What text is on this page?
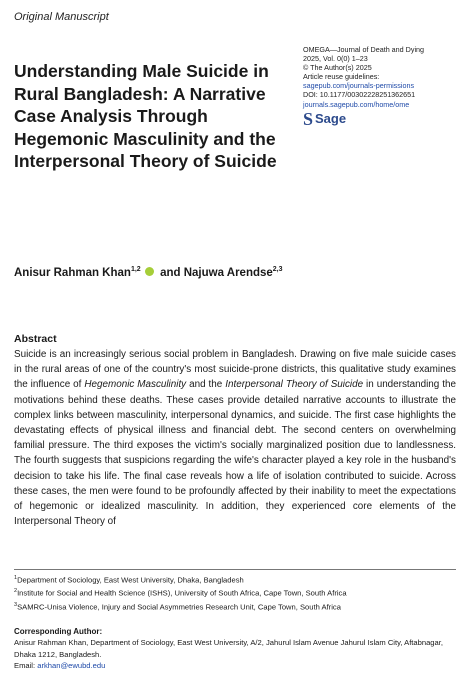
Original Manuscript
Understanding Male Suicide in Rural Bangladesh: A Narrative Case Analysis Through Hegemonic Masculinity and the Interpersonal Theory of Suicide
OMEGA—Journal of Death and Dying
2025, Vol. 0(0) 1–23
© The Author(s) 2025
Article reuse guidelines:
sagepub.com/journals-permissions
DOI: 10.1177/00302228251362651
journals.sagepub.com/home/ome
S Sage
Anisur Rahman Khan$^{1,2}$ and Najuwa Arendse$^{2,3}$
Abstract
Suicide is an increasingly serious social problem in Bangladesh. Drawing on five male suicide cases in the rural areas of one of the country's most suicide-prone districts, this qualitative study examines the influence of Hegemonic Masculinity and the Interpersonal Theory of Suicide in understanding the motivations behind these deaths. These cases provide detailed narrative accounts to illustrate the complex links between masculinity, interpersonal dynamics, and suicide. The first case highlights the devastating effects of physical illness and financial debt. The second centers on overwhelming familial pressure. The third exposes the victim's socially marginalized position due to landlessness. The fourth suggests that suspicions regarding the wife's character played a key role in the husband's decision to take his life. The final case reveals how a life of isolation contributed to suicide. Across these cases, the men were found to be profoundly affected by their inability to meet the expectations of hegemonic or idealized masculinity. In addition, they experienced core elements of the Interpersonal Theory of
$^1$Department of Sociology, East West University, Dhaka, Bangladesh
$^2$Institute for Social and Health Science (ISHS), University of South Africa, Cape Town, South Africa
$^3$SAMRC-Unisa Violence, Injury and Social Asymmetries Research Unit, Cape Town, South Africa
Corresponding Author:
Anisur Rahman Khan, Department of Sociology, East West University, A/2, Jahurul Islam Avenue Jahurul Islam City, Aftabnagar, Dhaka 1212, Bangladesh.
Email: arkhan@ewubd.edu
